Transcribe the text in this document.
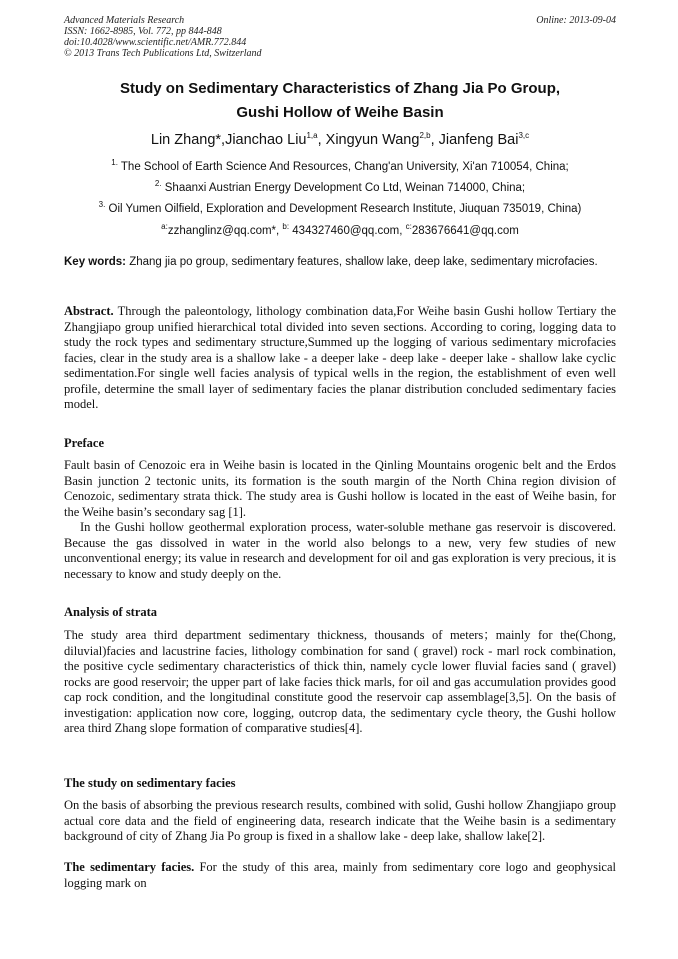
Advanced Materials Research
ISSN: 1662-8985, Vol. 772, pp 844-848
doi:10.4028/www.scientific.net/AMR.772.844
© 2013 Trans Tech Publications Ltd, Switzerland
Online: 2013-09-04
Study on Sedimentary Characteristics of Zhang Jia Po Group,
Gushi Hollow of Weihe Basin
Lin Zhang*,Jianchao Liu$^{1,a}$, Xingyun Wang$^{2,b}$, Jianfeng Bai$^{3,c}$
$^{1.}$ The School of Earth Science And Resources, Chang'an University, Xi'an 710054, China;
$^{2.}$ Shaanxi Austrian Energy Development Co Ltd, Weinan 714000, China;
$^{3.}$ Oil Yumen Oilfield, Exploration and Development Research Institute, Jiuquan 735019, China)
$^{a:}$zzhanglinz@qq.com*, $^{b:}$ 434327460@qq.com, $^{c:}$283676641@qq.com
Key words: Zhang jia po group, sedimentary features, shallow lake, deep lake, sedimentary microfacies.

Abstract. Through the paleontology, lithology combination data,For Weihe basin Gushi hollow Tertiary the Zhangjiapo group unified hierarchical total divided into seven sections. According to coring, logging data to study the rock types and sedimentary structure,Summed up the logging of various sedimentary microfacies facies, clear in the study area is a shallow lake - a deeper lake - deep lake - deeper lake - shallow lake cyclic sedimentation.For single well facies analysis of typical wells in the region, the establishment of even well profile, determine the small layer of sedimentary facies the planar distribution concluded sedimentary facies model.

Preface

Fault basin of Cenozoic era in Weihe basin is located in the Qinling Mountains orogenic belt and the Erdos Basin junction 2 tectonic units, its formation is the south margin of the North China region division of Cenozoic, sedimentary strata thick. The study area is Gushi hollow is located in the east of Weihe basin, for the Weihe basin’s secondary sag [1].

In the Gushi hollow geothermal exploration process, water-soluble methane gas reservoir is discovered. Because the gas dissolved in water in the world also belongs to a new, very few studies of new unconventional energy; its value in research and development for oil and gas exploration is very precious, it is necessary to know and study deeply on the.

Analysis of strata

The study area third department sedimentary thickness, thousands of meters；mainly for the(Chong, diluvial)facies and lacustrine facies, lithology combination for sand ( gravel) rock - marl rock combination, the positive cycle sedimentary characteristics of thick thin, namely cycle lower fluvial facies sand ( gravel) rocks are good reservoir; the upper part of lake facies thick marls, for oil and gas accumulation provides good cap rock condition, and the longitudinal constitute good the reservoir cap assemblage[3,5]. On the basis of investigation: application now core, logging, outcrop data, the sedimentary cycle theory, the Gushi hollow area third Zhang slope formation of comparative studies[4].

The study on sedimentary facies

On the basis of absorbing the previous research results, combined with solid, Gushi hollow Zhangjiapo group actual core data and the field of engineering data, research indicate that the Weihe basin is a sedimentary background of city of Zhang Jia Po group is fixed in a shallow lake - deep lake, shallow lake[2].

The sedimentary facies. For the study of this area, mainly from sedimentary core logo and geophysical logging mark on
